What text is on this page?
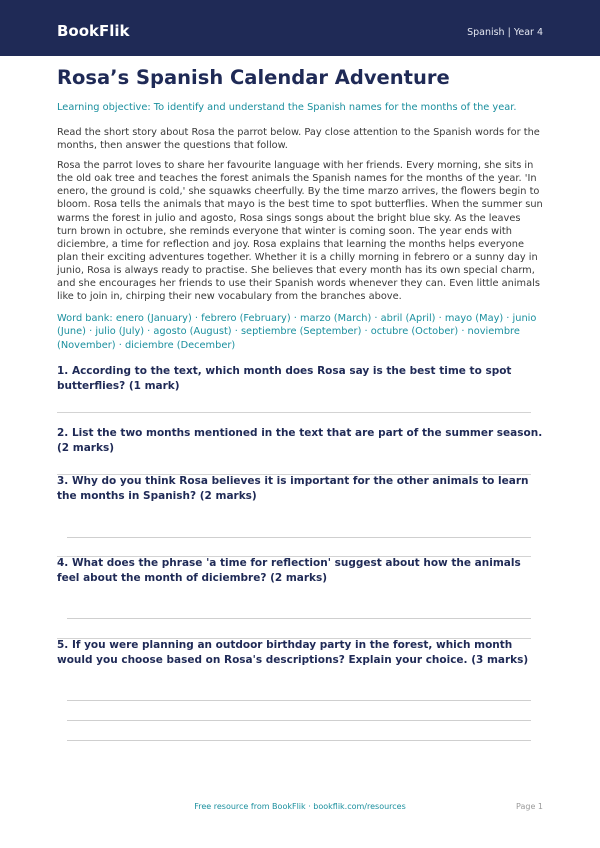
BookFlik	Spanish | Year 4
Rosa’s Spanish Calendar Adventure
Learning objective: To identify and understand the Spanish names for the months of the year.
Read the short story about Rosa the parrot below. Pay close attention to the Spanish words for the months, then answer the questions that follow.
Rosa the parrot loves to share her favourite language with her friends. Every morning, she sits in the old oak tree and teaches the forest animals the Spanish names for the months of the year. 'In enero, the ground is cold,' she squawks cheerfully. By the time marzo arrives, the flowers begin to bloom. Rosa tells the animals that mayo is the best time to spot butterflies. When the summer sun warms the forest in julio and agosto, Rosa sings songs about the bright blue sky. As the leaves turn brown in octubre, she reminds everyone that winter is coming soon. The year ends with diciembre, a time for reflection and joy. Rosa explains that learning the months helps everyone plan their exciting adventures together. Whether it is a chilly morning in febrero or a sunny day in junio, Rosa is always ready to practise. She believes that every month has its own special charm, and she encourages her friends to use their Spanish words whenever they can. Even little animals like to join in, chirping their new vocabulary from the branches above.
Word bank: enero (January) · febrero (February) · marzo (March) · abril (April) · mayo (May) · junio (June) · julio (July) · agosto (August) · septiembre (September) · octubre (October) · noviembre (November) · diciembre (December)
1. According to the text, which month does Rosa say is the best time to spot butterflies? (1 mark)
2. List the two months mentioned in the text that are part of the summer season. (2 marks)
3. Why do you think Rosa believes it is important for the other animals to learn the months in Spanish? (2 marks)
4. What does the phrase 'a time for reflection' suggest about how the animals feel about the month of diciembre? (2 marks)
5. If you were planning an outdoor birthday party in the forest, which month would you choose based on Rosa's descriptions? Explain your choice. (3 marks)
Free resource from BookFlik · bookflik.com/resources	Page 1
